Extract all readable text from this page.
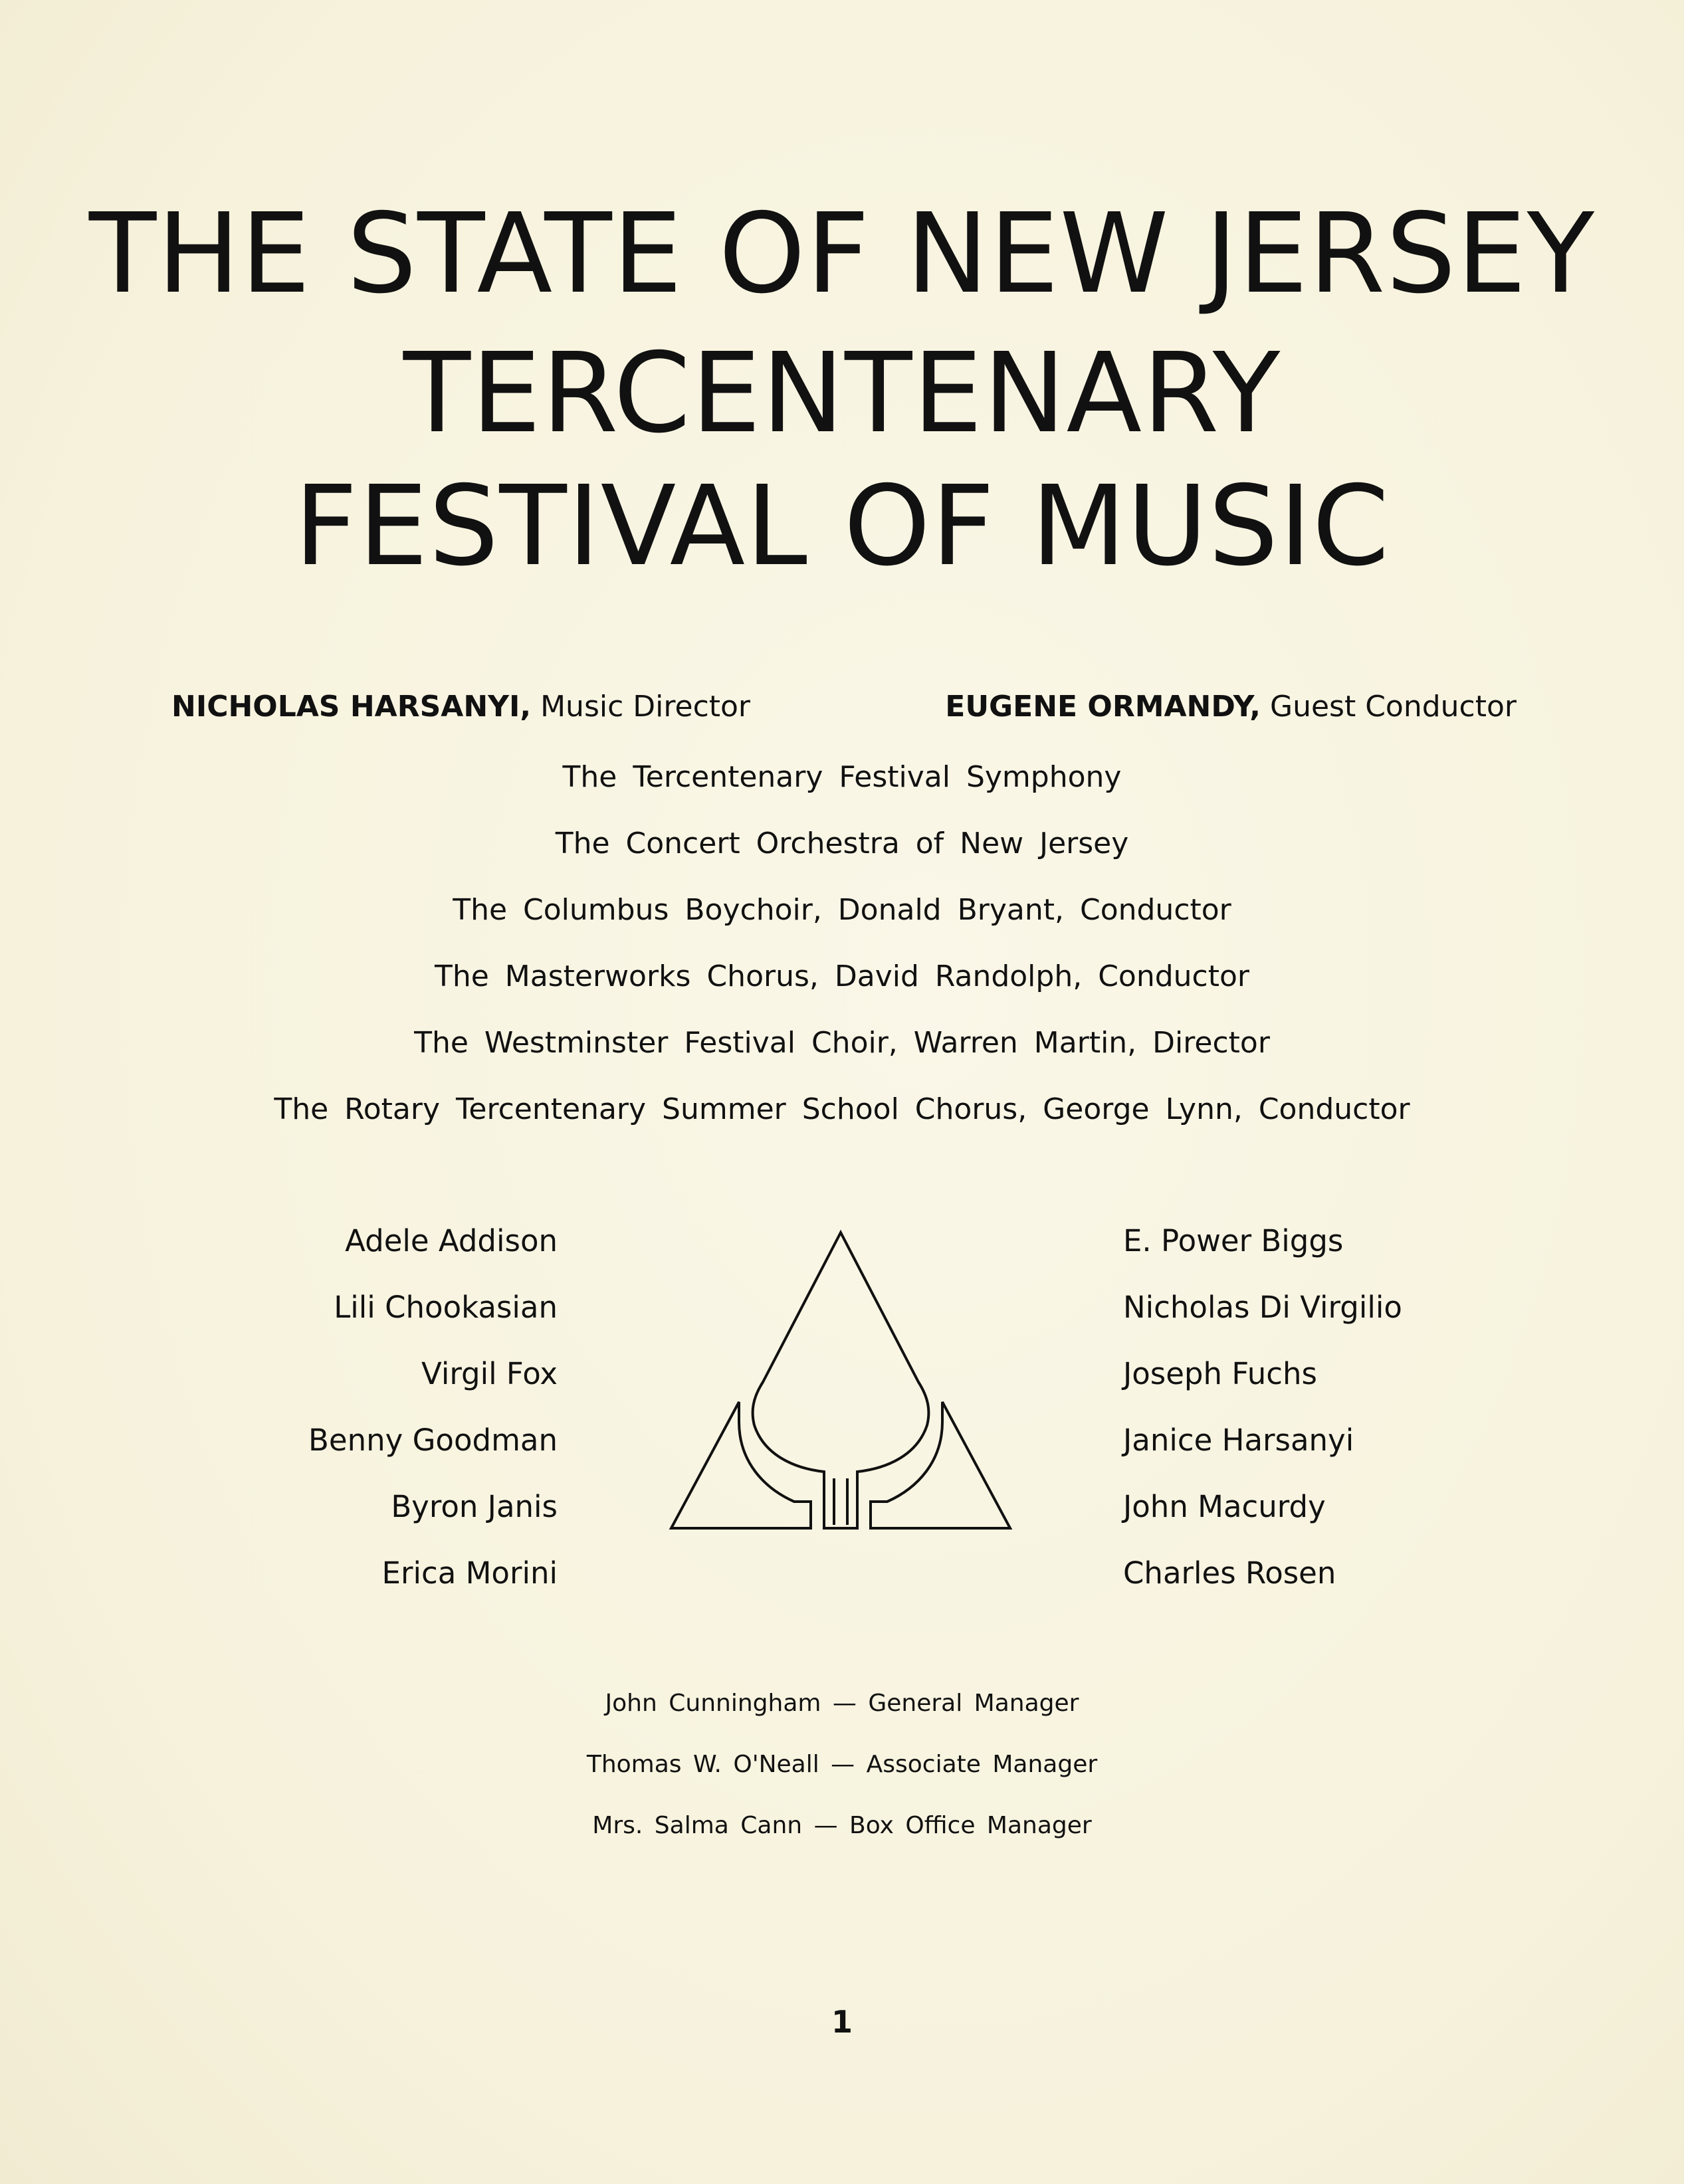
THE STATE OF NEW JERSEY
TERCENTENARY
FESTIVAL OF MUSIC
NICHOLAS HARSANYI, Music Director	EUGENE ORMANDY, Guest Conductor
The Tercentenary Festival Symphony
The Concert Orchestra of New Jersey
The Columbus Boychoir, Donald Bryant, Conductor
The Masterworks Chorus, David Randolph, Conductor
The Westminster Festival Choir, Warren Martin, Director
The Rotary Tercentenary Summer School Chorus, George Lynn, Conductor
Adele Addison
Lili Chookasian
Virgil Fox
Benny Goodman
Byron Janis
Erica Morini
E. Power Biggs
Nicholas Di Virgilio
Joseph Fuchs
Janice Harsanyi
John Macurdy
Charles Rosen
John Cunningham — General Manager
Thomas W. O'Neall — Associate Manager
Mrs. Salma Cann — Box Office Manager
1
